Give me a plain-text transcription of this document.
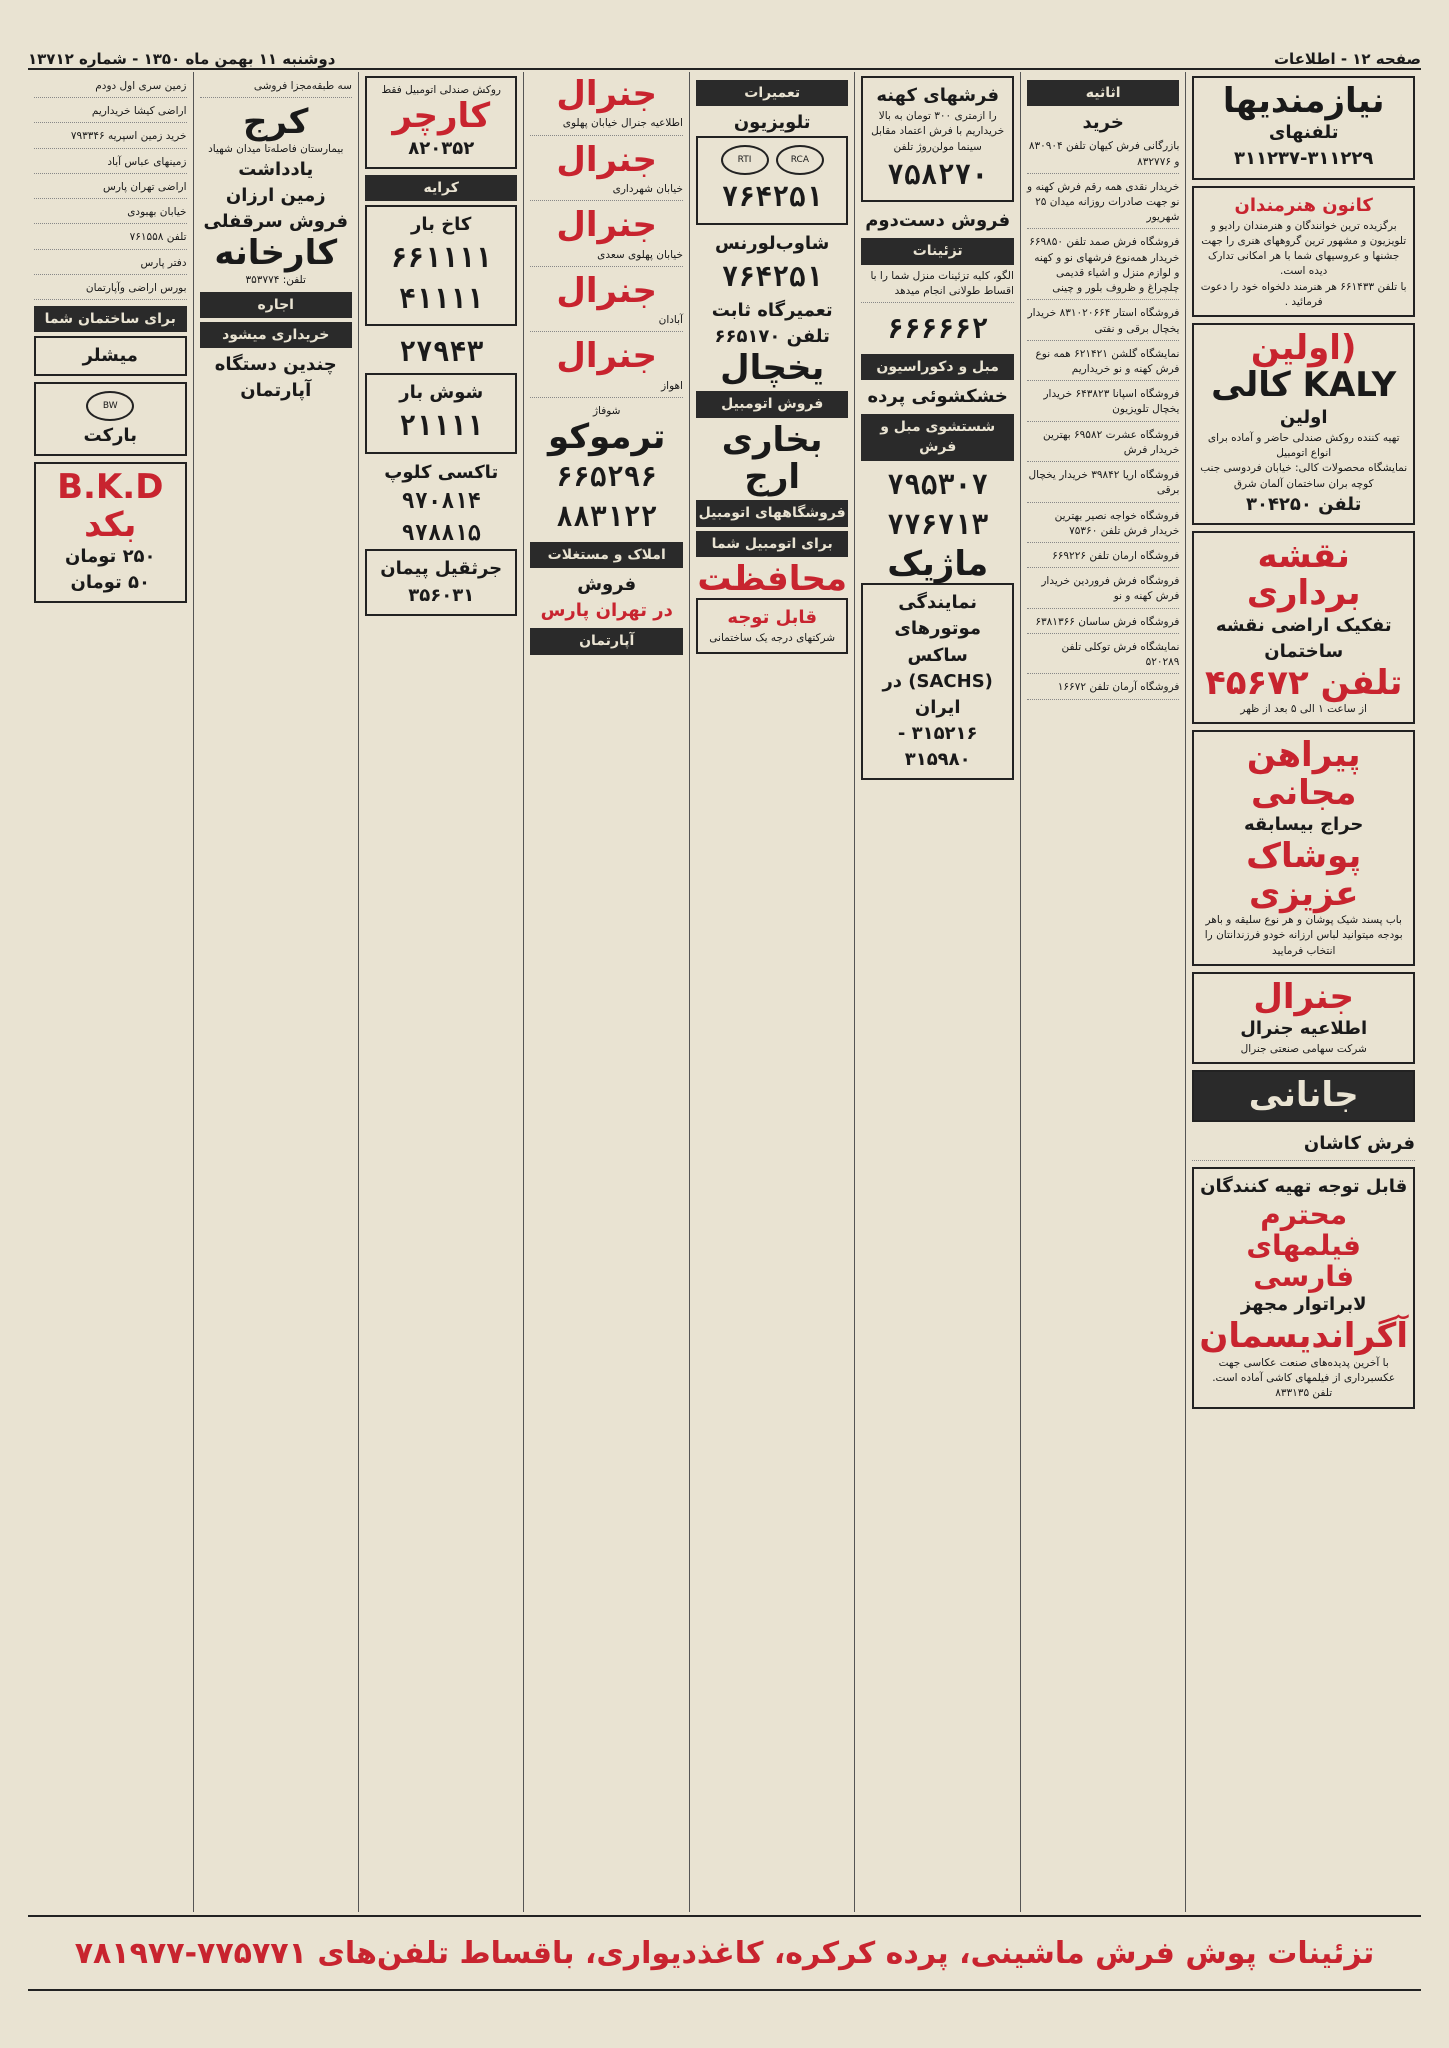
صفحه ۱۲ - اطلاعات
دوشنبه ۱۱ بهمن ماه ۱۳۵۰ - شماره ۱۳۷۱۲
نیازمندیها
تلفنهای ۳۱۱۲۲۹-۳۱۱۲۳۷
کانون هنرمندان
برگزیده ترین خوانندگان و هنرمندان رادیو و تلویزیون و مشهور ترین گروههای هنری را جهت جشنها و عروسیهای شما با هر امکانی تدارک دیده است.
با تلفن ۶۶۱۴۳۳ هر هنرمند دلخواه خود را دعوت فرمائید .
(اولین
KALY کالی
اولین
تهیه کننده روکش صندلی حاضر و آماده برای انواع اتومبیل
نمایشگاه محصولات کالی: خیابان فردوسی جنب کوچه بران ساختمان آلمان شرق
تلفن ۳۰۴۲۵۰
نقشه برداری
تفکیک اراضی نقشه ساختمان
تلفن ۴۵۶۷۲
از ساعت ۱ الی ۵ بعد از ظهر
پیراهن مجانی
حراج بیسابقه
پوشاک عزیزی
باب پسند شیک پوشان و هر نوع سلیقه و باهر بودجه میتوانید لباس ارزانه خودو فرزندانتان را انتخاب فرمایید
جنرال
اطلاعیه جنرال
شرکت سهامی صنعتی جنرال
جانانی
فرش کاشان
قابل توجه تهیه کنندگان
محترم فیلمهای فارسی
لابراتوار مجهز
آگراندیسمان
با آخرین پدیده‌های صنعت عکاسی جهت عکسبرداری از فیلمهای کاشی آماده است.
تلفن ۸۳۳۱۳۵
اثاثیه
خرید
بازرگانی فرش کیهان تلفن ۸۳۰۹۰۴ و ۸۳۲۷۷۶
خریدار نقدی همه رقم فرش کهنه و نو جهت صادرات روزانه میدان ۲۵ شهریور
فروشگاه فرش صمد تلفن ۶۶۹۸۵۰ خریدار همه‌نوع فرشهای نو و کهنه و لوازم منزل و اشیاء قدیمی چلچراغ و ظروف بلور و چینی
فروشگاه استار ۸۳۱۰۲۰۶۶۴ خریدار یخچال برقی و نفتی
نمایشگاه گلشن ۶۲۱۴۲۱ همه نوع فرش کهنه و نو خریداریم
فروشگاه اسپانا ۶۴۳۸۲۳ خریدار یخچال تلویزیون
فروشگاه عشرت ۶۹۵۸۲ بهترین خریدار فرش
فروشگاه اریا ۳۹۸۴۲ خریدار یخچال برقی
فروشگاه خواجه نصیر بهترین خریدار فرش تلفن ۷۵۳۶۰
فروشگاه ارمان تلفن ۶۶۹۲۲۶
فروشگاه فرش فروردین خریدار فرش کهنه و نو
فروشگاه فرش ساسان ۶۳۸۱۳۶۶
نمایشگاه فرش توکلی تلفن ۵۲۰۲۸۹
فروشگاه آرمان تلفن ۱۶۶۷۲
فرشهای کهنه
را ازمتری ۳۰۰ تومان به بالا خریداریم با فرش اعتماد مقابل سینما مولن‌روژ تلفن
۷۵۸۲۷۰
فروش دست‌دوم
تزئینات
الگو، کلیه تزئینات منزل شما را با اقساط طولانی انجام میدهد
۶۶۶۶۶۲
مبل و دکوراسیون
خشکشوئی پرده
شستشوی مبل و فرش
۷۹۵۳۰۷
۷۷۶۷۱۳
ماژیک
نمایندگی موتورهای ساکس (SACHS) در ایران
۳۱۵۲۱۶ - ۳۱۵۹۸۰
تعمیرات
تلویزیون
RCA RTI
۷۶۴۲۵۱
شاوب‌لورنس
۷۶۴۲۵۱
تعمیرگاه ثابت
تلفن ۶۶۵۱۷۰
یخچال
فروش اتومبیل
بخاری
ارج
فروشگاههای اتومبیل
برای اتومبیل شما
محافظت
قابل توجه
شرکتهای درجه یک ساختمانی
جنرال
اطلاعیه جنرال خیابان پهلوی
جنرال
خیابان شهرداری
جنرال
خیابان پهلوی سعدی
جنرال
آبادان
جنرال
اهواز
شوفاژ
ترموکو
۶۶۵۲۹۶
۸۸۳۱۲۲
املاک و مستغلات
فروش
در تهران پارس
آپارتمان
روکش صندلی اتومبیل فقط
کارچر
۸۲۰۳۵۲
کرایه
کاخ بار
۶۶۱۱۱۱ ۴۱۱۱۱
۲۷۹۴۳
شوش بار
۲۱۱۱۱
تاکسی کلوپ
۹۷۰۸۱۴ ۹۷۸۸۱۵
جرثقیل پیمان
۳۵۶۰۳۱
سه طبقه‌مجزا فروشی
کرج
بیمارستان فاصله‌تا میدان شهیاد
یادداشت
زمین ارزان
فروش سرقفلی
کارخانه
تلفن: ۳۵۳۷۷۴
اجاره
خریداری میشود
چندین دستگاه
آپارتمان
زمین سری اول دودم
اراضی کیشا خریداریم
خرید زمین اسپریه ۷۹۳۳۴۶
زمینهای عباس آباد
اراضی تهران پارس
خیابان بهبودی
تلفن ۷۶۱۵۵۸
دفتر پارس
بورس اراضی وآپارتمان
برای ساختمان شما
میشلر
BW
بارکت
B.K.D
بکد
۲۵۰ تومان
۵۰ تومان
تزئینات پوش فرش ماشینی، پرده کرکره، کاغذدیواری، باقساط تلفن‌های ۷۷۵۷۷۱-۷۸۱۹۷۷
